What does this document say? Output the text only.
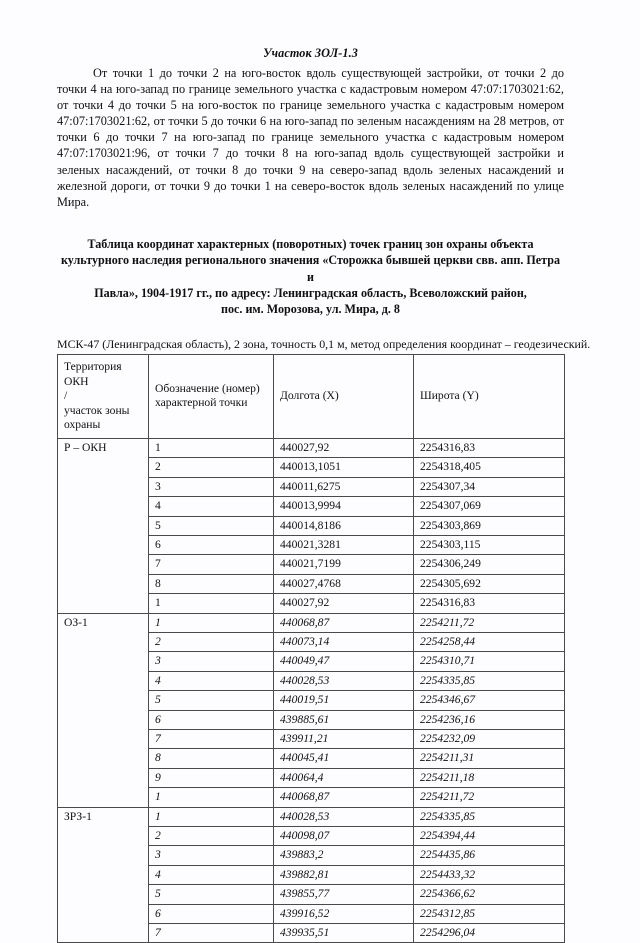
Участок ЗОЛ-1.3

От точки 1 до точки 2 на юго-восток вдоль существующей застройки, от точки 2 до точки 4 на юго-запад по границе земельного участка с кадастровым номером 47:07:1703021:62, от точки 4 до точки 5 на юго-восток по границе земельного участка с кадастровым номером 47:07:1703021:62, от точки 5 до точки 6 на юго-запад по зеленым насаждениям на 28 метров, от точки 6 до точки 7 на юго-запад по границе земельного участка с кадастровым номером 47:07:1703021:96, от точки 7 до точки 8 на юго-запад вдоль существующей застройки и зеленых насаждений, от точки 8 до точки 9 на северо-запад вдоль зеленых насаждений и железной дороги, от точки 9 до точки 1 на северо-восток вдоль зеленых насаждений по улице Мира.

Таблица координат характерных (поворотных) точек границ зон охраны объекта
культурного наследия регионального значения «Сторожка бывшей церкви свв. апп. Петра и
Павла», 1904-1917 гг., по адресу: Ленинградская область, Всеволожский район,
пос. им. Морозова, ул. Мира, д. 8
МСК-47 (Ленинградская область), 2 зона, точность 0,1 м, метод определения координат – геодезический.
Территория
ОКН
/
участок зоны
охраны	Обозначение (номер)
характерной точки	Долгота (X)	Широта (Y)
Р – ОКН	1	440027,92	2254316,83
	2	440013,1051	2254318,405
	3	440011,6275	2254307,34
	4	440013,9994	2254307,069
	5	440014,8186	2254303,869
	6	440021,3281	2254303,115
	7	440021,7199	2254306,249
	8	440027,4768	2254305,692
	1	440027,92	2254316,83
ОЗ-1	1	440068,87	2254211,72
	2	440073,14	2254258,44
	3	440049,47	2254310,71
	4	440028,53	2254335,85
	5	440019,51	2254346,67
	6	439885,61	2254236,16
	7	439911,21	2254232,09
	8	440045,41	2254211,31
	9	440064,4	2254211,18
	1	440068,87	2254211,72
ЗРЗ-1	1	440028,53	2254335,85
	2	440098,07	2254394,44
	3	439883,2	2254435,86
	4	439882,81	2254433,32
	5	439855,77	2254366,62
	6	439916,52	2254312,85
	7	439935,51	2254296,04
